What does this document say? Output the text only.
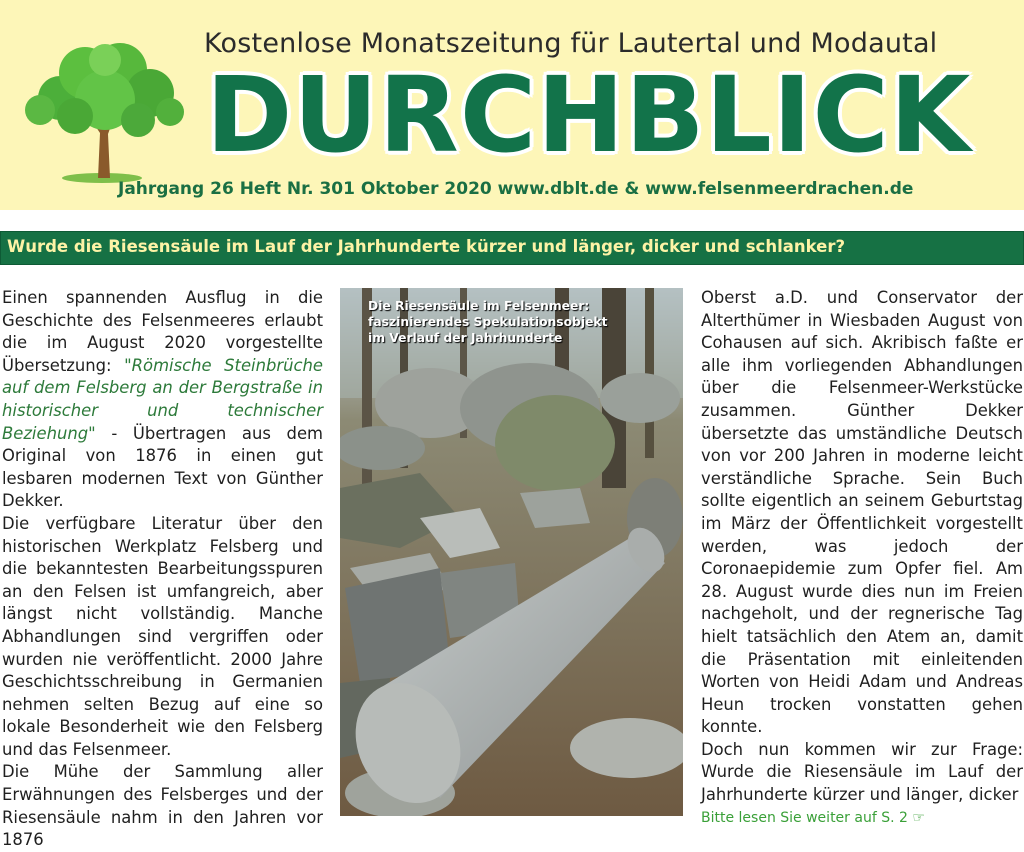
Kostenlose Monatszeitung für Lautertal und Modautal
DURCHBLICK
Jahrgang 26 Heft Nr. 301 Oktober 2020 www.dblt.de & www.felsenmeerdrachen.de
Wurde die Riesensäule im Lauf der Jahrhunderte kürzer und länger, dicker und schlanker?

Einen spannenden Ausflug in die Geschichte des Felsenmeeres erlaubt die im August 2020 vorgestellte Übersetzung: "Römische Steinbrüche auf dem Felsberg an der Bergstraße in historischer und technischer Beziehung" - Übertragen aus dem Original von 1876 in einen gut lesbaren modernen Text von Günther Dekker.

Die verfügbare Literatur über den historischen Werkplatz Felsberg und die bekanntesten Bearbeitungsspuren an den Felsen ist umfangreich, aber längst nicht vollständig. Manche Abhandlungen sind vergriffen oder wurden nie veröffentlicht. 2000 Jahre Geschichtsschreibung in Germanien nehmen selten Bezug auf eine so lokale Besonderheit wie den Felsberg und das Felsenmeer.

Die Mühe der Sammlung aller Erwähnungen des Felsberges und der Riesensäule nahm in den Jahren vor 1876

Die Riesensäule im Felsenmeer: faszinierendes Spekulationsobjekt im Verlauf der Jahrhunderte

Oberst a.D. und Conservator der Alterthümer in Wiesbaden August von Cohausen auf sich. Akribisch faßte er alle ihm vorliegenden Abhandlungen über die Felsenmeer-Werkstücke zusammen. Günther Dekker übersetzte das umständliche Deutsch von vor 200 Jahren in moderne leicht verständliche Sprache. Sein Buch sollte eigentlich an seinem Geburtstag im März der Öffentlichkeit vorgestellt werden, was jedoch der Coronaepidemie zum Opfer fiel. Am 28. August wurde dies nun im Freien nachgeholt, und der regnerische Tag hielt tatsächlich den Atem an, damit die Präsentation mit einleitenden Worten von Heidi Adam und Andreas Heun trocken vonstatten gehen konnte.

Doch nun kommen wir zur Frage: Wurde die Riesensäule im Lauf der Jahrhunderte kürzer und länger, dicker

Bitte lesen Sie weiter auf S. 2 ☞
